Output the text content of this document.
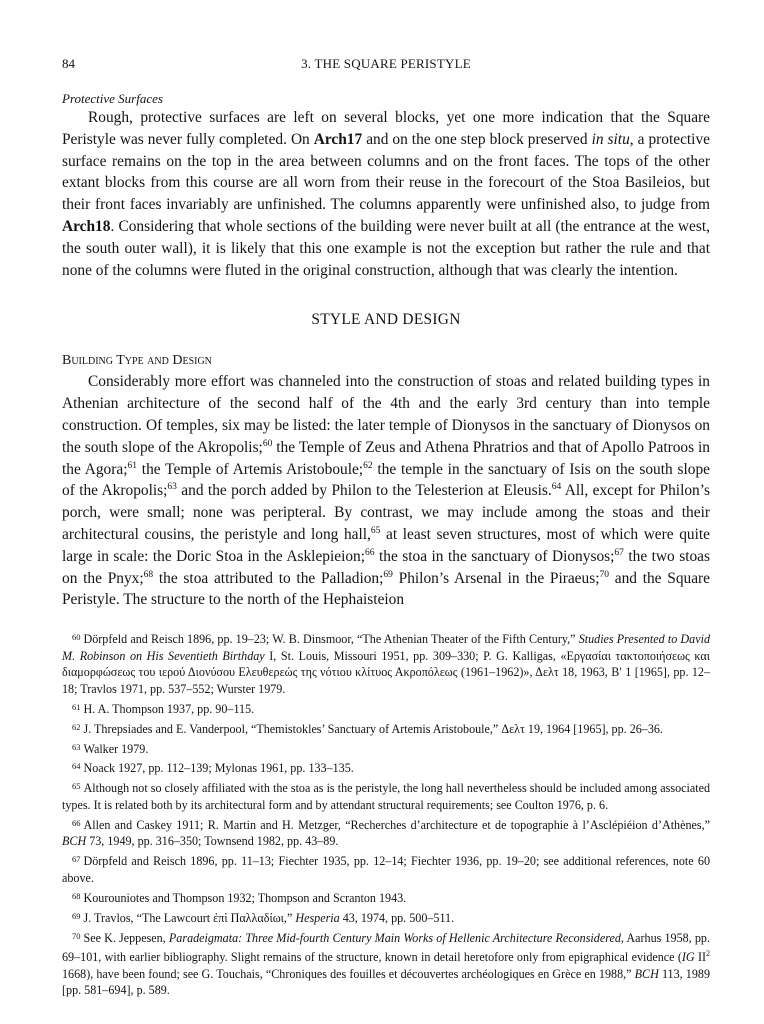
84	3. THE SQUARE PERISTYLE
Protective Surfaces

Rough, protective surfaces are left on several blocks, yet one more indication that the Square Peristyle was never fully completed. On Arch17 and on the one step block preserved in situ, a protective surface remains on the top in the area between columns and on the front faces. The tops of the other extant blocks from this course are all worn from their reuse in the forecourt of the Stoa Basileios, but their front faces invariably are unfinished. The columns apparently were unfinished also, to judge from Arch18. Considering that whole sections of the building were never built at all (the entrance at the west, the south outer wall), it is likely that this one example is not the exception but rather the rule and that none of the columns were fluted in the original construction, although that was clearly the intention.

STYLE AND DESIGN
Building Type and Design

Considerably more effort was channeled into the construction of stoas and related building types in Athenian architecture of the second half of the 4th and the early 3rd century than into temple construction. Of temples, six may be listed: the later temple of Dionysos in the sanctuary of Dionysos on the south slope of the Akropolis;$^{60}$ the Temple of Zeus and Athena Phratrios and that of Apollo Patroos in the Agora;$^{61}$ the Temple of Artemis Aristoboule;$^{62}$ the temple in the sanctuary of Isis on the south slope of the Akropolis;$^{63}$ and the porch added by Philon to the Telesterion at Eleusis.$^{64}$ All, except for Philon’s porch, were small; none was peripteral. By contrast, we may include among the stoas and their architectural cousins, the peristyle and long hall,$^{65}$ at least seven structures, most of which were quite large in scale: the Doric Stoa in the Asklepieion;$^{66}$ the stoa in the sanctuary of Dionysos;$^{67}$ the two stoas on the Pnyx;$^{68}$ the stoa attributed to the Palladion;$^{69}$ Philon’s Arsenal in the Piraeus;$^{70}$ and the Square Peristyle. The structure to the north of the Hephaisteion

$^{60}$ Dörpfeld and Reisch 1896, pp. 19–23; W. B. Dinsmoor, “The Athenian Theater of the Fifth Century,” Studies Presented to David M. Robinson on His Seventieth Birthday I, St. Louis, Missouri 1951, pp. 309–330; P. G. Kalligas, «Εργασίαι τακτοποιήσεως και διαμορφώσεως του ιερού Διονύσου Ελευθερεώς της νότιου κλίτυος Ακροπόλεως (1961–1962)», Δελτ 18, 1963, Β′ 1 [1965], pp. 12–18; Travlos 1971, pp. 537–552; Wurster 1979.

$^{61}$ H. A. Thompson 1937, pp. 90–115.

$^{62}$ J. Threpsiades and E. Vanderpool, “Themistokles’ Sanctuary of Artemis Aristoboule,” Δελτ 19, 1964 [1965], pp. 26–36.

$^{63}$ Walker 1979.

$^{64}$ Noack 1927, pp. 112–139; Mylonas 1961, pp. 133–135.

$^{65}$ Although not so closely affiliated with the stoa as is the peristyle, the long hall nevertheless should be included among associated types. It is related both by its architectural form and by attendant structural requirements; see Coulton 1976, p. 6.

$^{66}$ Allen and Caskey 1911; R. Martin and H. Metzger, “Recherches d’architecture et de topographie à l’Asclépiéion d’Athènes,” BCH 73, 1949, pp. 316–350; Townsend 1982, pp. 43–89.

$^{67}$ Dörpfeld and Reisch 1896, pp. 11–13; Fiechter 1935, pp. 12–14; Fiechter 1936, pp. 19–20; see additional references, note 60 above.

$^{68}$ Kourouniotes and Thompson 1932; Thompson and Scranton 1943.

$^{69}$ J. Travlos, “The Lawcourt ἐπὶ Παλλαδίωι,” Hesperia 43, 1974, pp. 500–511.

$^{70}$ See K. Jeppesen, Paradeigmata: Three Mid-fourth Century Main Works of Hellenic Architecture Reconsidered, Aarhus 1958, pp. 69–101, with earlier bibliography. Slight remains of the structure, known in detail heretofore only from epigraphical evidence (IG $II^2$ 1668), have been found; see G. Touchais, “Chroniques des fouilles et découvertes archéologiques en Grèce en 1988,” BCH 113, 1989 [pp. 581–694], p. 589.
